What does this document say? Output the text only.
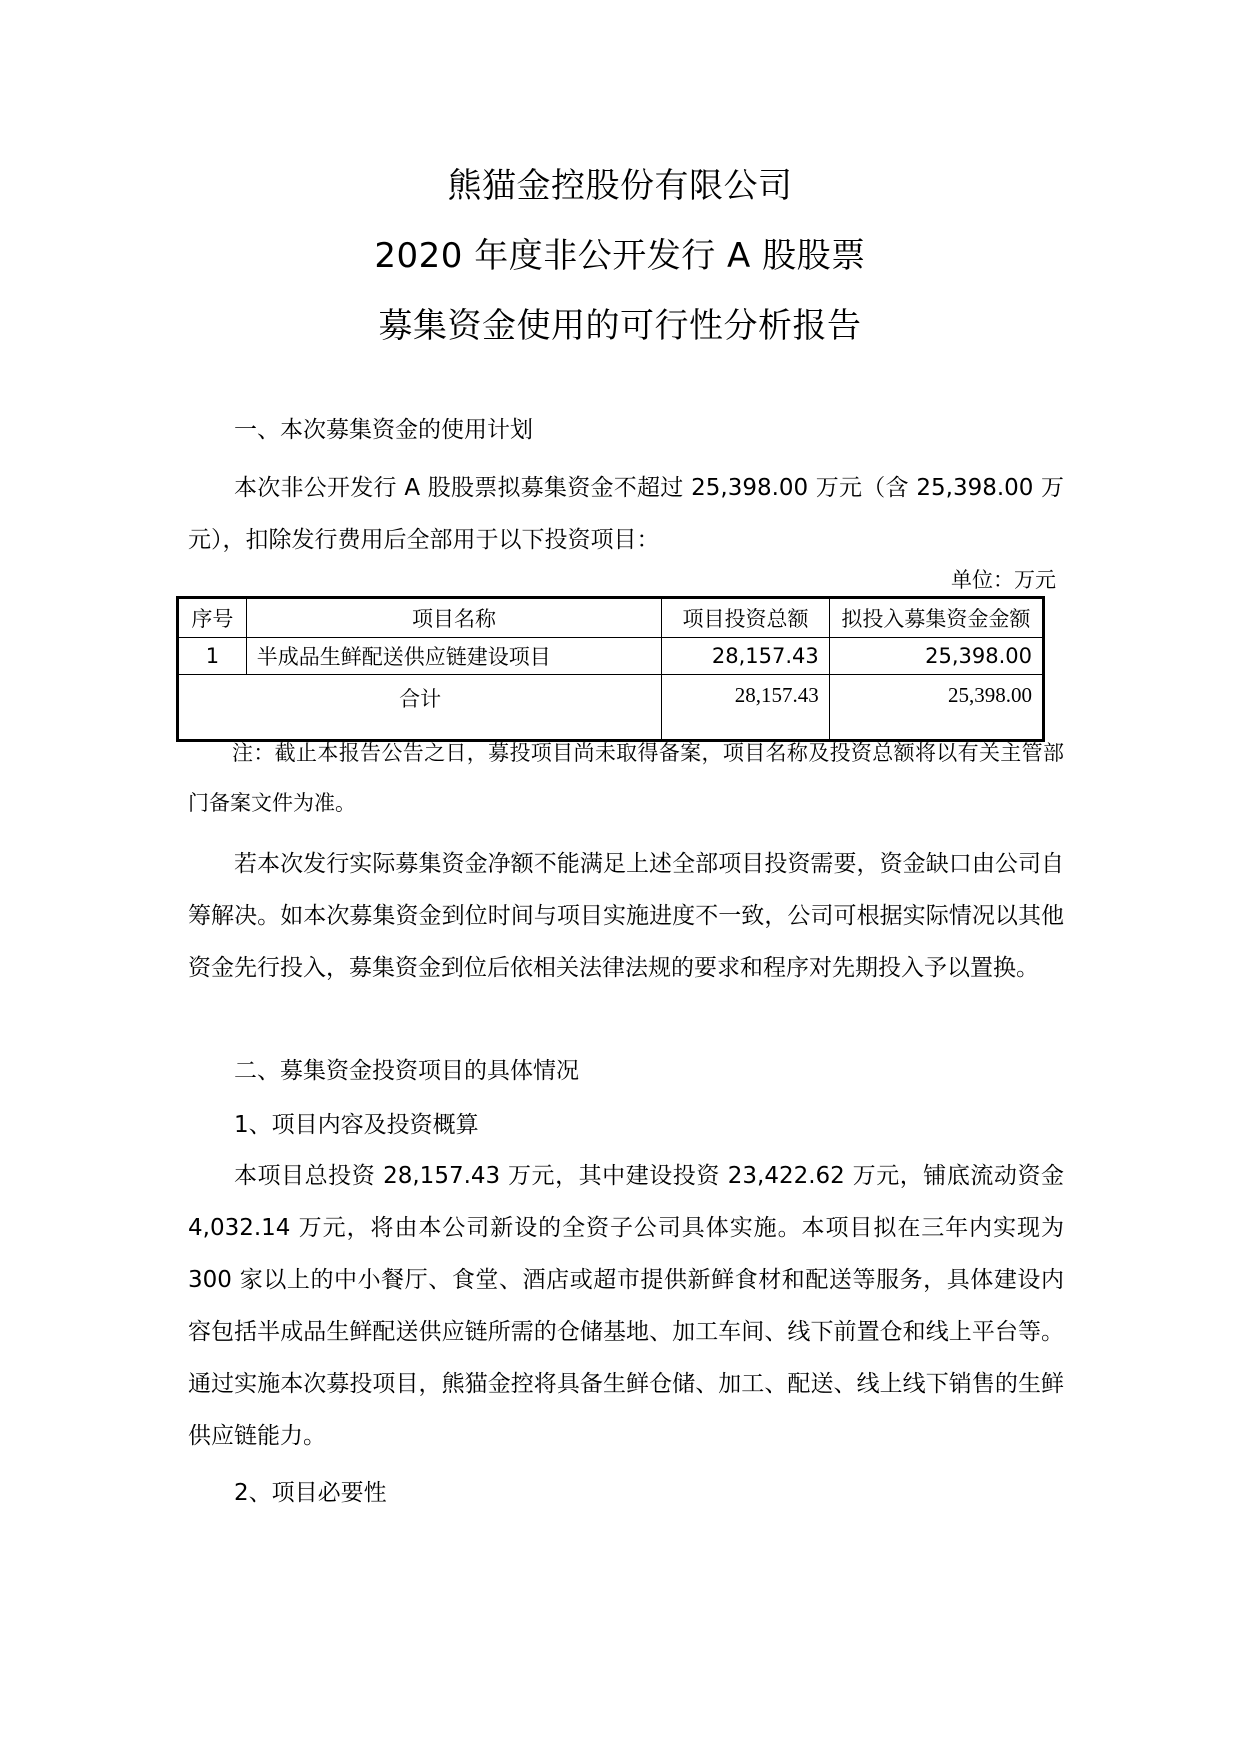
熊猫金控股份有限公司
2020 年度非公开发行 A 股股票
募集资金使用的可行性分析报告
一、本次募集资金的使用计划
本次非公开发行 A 股股票拟募集资金不超过 25,398.00 万元（含 25,398.00 万元），扣除发行费用后全部用于以下投资项目：
单位：万元
序号	项目名称	项目投资总额	拟投入募集资金金额
1	半成品生鲜配送供应链建设项目	28,157.43	25,398.00
合计		28,157.43	25,398.00
注：截止本报告公告之日，募投项目尚未取得备案，项目名称及投资总额将以有关主管部门备案文件为准。
若本次发行实际募集资金净额不能满足上述全部项目投资需要，资金缺口由公司自筹解决。如本次募集资金到位时间与项目实施进度不一致，公司可根据实际情况以其他资金先行投入，募集资金到位后依相关法律法规的要求和程序对先期投入予以置换。
二、募集资金投资项目的具体情况
1、项目内容及投资概算
本项目总投资 28,157.43 万元，其中建设投资 23,422.62 万元，铺底流动资金 4,032.14 万元，将由本公司新设的全资子公司具体实施。本项目拟在三年内实现为 300 家以上的中小餐厅、食堂、酒店或超市提供新鲜食材和配送等服务，具体建设内容包括半成品生鲜配送供应链所需的仓储基地、加工车间、线下前置仓和线上平台等。通过实施本次募投项目，熊猫金控将具备生鲜仓储、加工、配送、线上线下销售的生鲜供应链能力。
2、项目必要性
